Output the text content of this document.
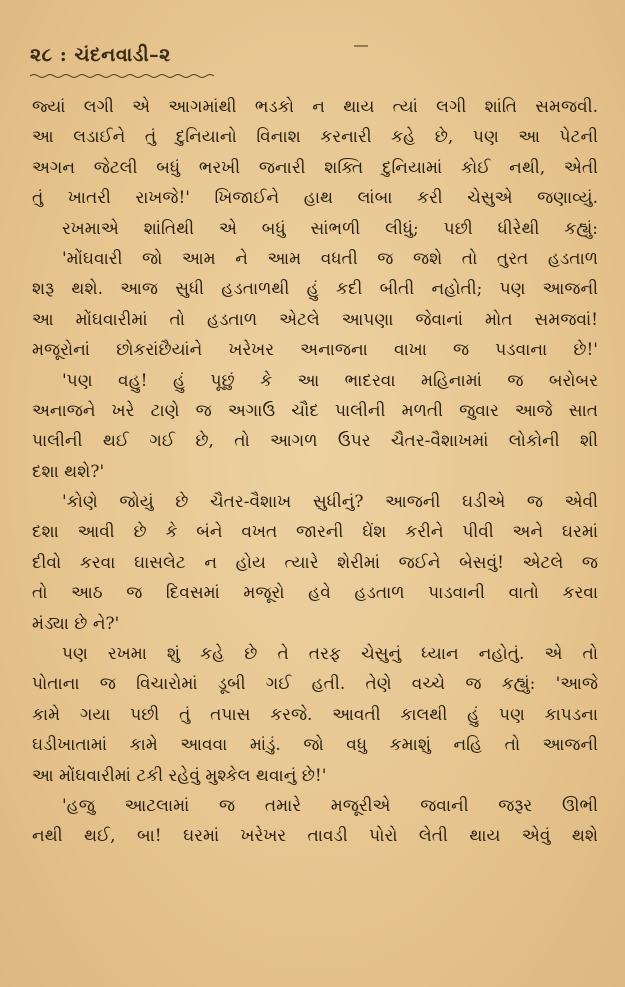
૨૮ : ચંદનવાડી–૨
જ્યાં લગી એ આગમાંથી ભડકો ન થાય ત્યાં લગી શાંતિ સમજવી.
આ લડાઈને તું દુનિયાનો વિનાશ કરનારી કહે છે, પણ આ પેટની
અગન જેટલી બધું ભરખી જનારી શક્તિ દુનિયામાં કોઈ નથી, એતી
તું ખાતરી રાખજે!' ખિજાઈને હાથ લાંબા કરી ચેસુએ જણાવ્યું.
રખમાએ શાંતિથી એ બધું સાંભળી લીધું; પછી ધીરેથી કહ્યું:
'મોંઘવારી જો આમ ને આમ વધતી જ જશે તો તુરત હડતાળ
શરૂ થશે. આજ સુધી હડતાળથી હું કદી બીતી નહોતી; પણ આજની
આ મોંઘવારીમાં તો હડતાળ એટલે આપણા જેવાનાં મોત સમજવાં!
મજૂરોનાં છોકરાંછૈયાંને ખરેખર અનાજના વાખા જ પડવાના છે!'
'પણ વહુ! હું પૂછું કે આ ભાદરવા મહિનામાં જ બરોબર
અનાજને ખરે ટાણે જ અગાઉ ચૌદ પાલીની મળતી જુવાર આજે સાત
પાલીની થઈ ગઈ છે, તો આગળ ઉપર ચૈતર-વૈશાખમાં લોકોની શી
દશા થશે?'
'કોણે જોયું છે ચૈતર-વૈશાખ સુધીનું? આજની ઘડીએ જ એવી
દશા આવી છે કે બંને વખત જારની ઘેંશ કરીને પીવી અને ઘરમાં
દીવો કરવા ઘાસલેટ ન હોય ત્યારે શેરીમાં જઈને બેસવું! એટલે જ
તો આઠ જ દિવસમાં મજૂરો હવે હડતાળ પાડવાની વાતો કરવા
મંડ્યા છે ને?'
પણ રખમા શું કહે છે તે તરફ ચેસુનું ધ્યાન નહોતું. એ તો
પોતાના જ વિચારોમાં ડૂબી ગઈ હતી. તેણે વચ્ચે જ કહ્યું: 'આજે
કામે ગયા પછી તું તપાસ કરજે. આવતી કાલથી હું પણ કાપડના
ઘડીખાતામાં કામે આવવા માંડું. જો વધુ કમાશું નહિ તો આજની
આ મોંઘવારીમાં ટકી રહેવું મુશ્કેલ થવાનું છે!'
'હજુ આટલામાં જ તમારે મજૂરીએ જવાની જરૂર ઊભી
નથી થઈ, બા! ઘરમાં ખરેખર તાવડી પોરો લેતી થાય એવું થશે
